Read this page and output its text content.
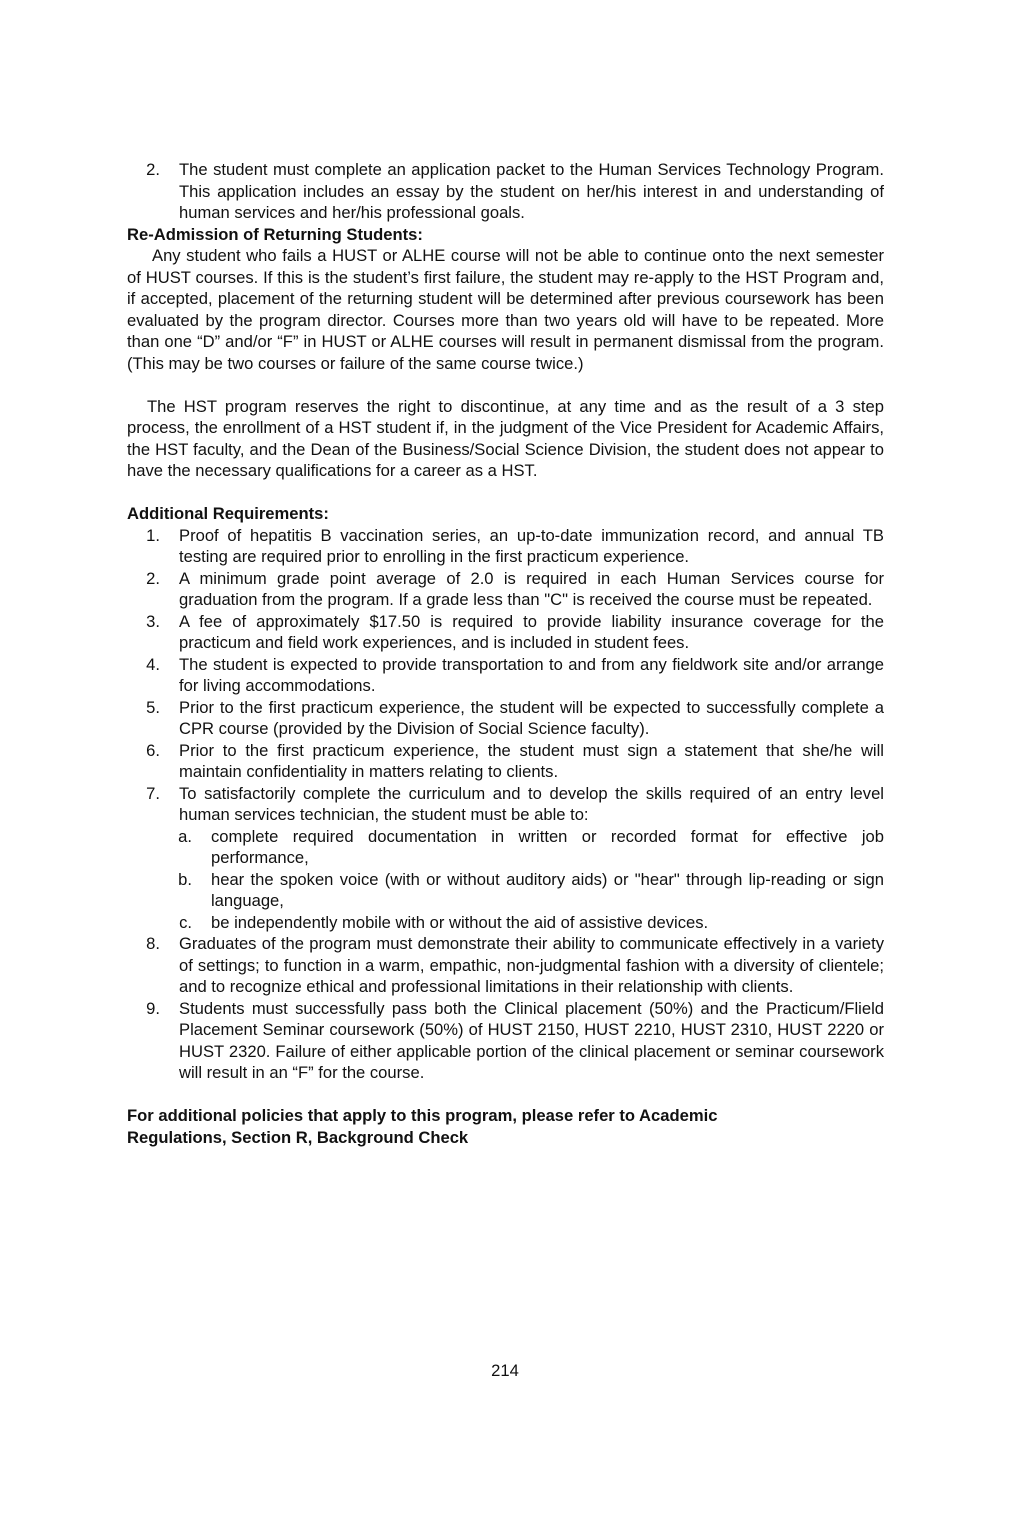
2.	The student must complete an application packet to the Human Services Technology Program. This application includes an essay by the student on her/his interest in and understanding of human services and her/his professional goals.

Re-Admission of Returning Students:

Any student who fails a HUST or ALHE course will not be able to continue onto the next semester of HUST courses. If this is the student’s first failure, the student may re-apply to the HST Program and, if accepted, placement of the returning student will be determined after previous coursework has been evaluated by the program director. Courses more than two years old will have to be repeated. More than one “D” and/or “F” in HUST or ALHE courses will result in permanent dismissal from the program. (This may be two courses or failure of the same course twice.)

The HST program reserves the right to discontinue, at any time and as the result of a 3 step process, the enrollment of a HST student if, in the judgment of the Vice President for Academic Affairs, the HST faculty, and the Dean of the Business/Social Science Division, the student does not appear to have the necessary qualifications for a career as a HST.

Additional Requirements:

1.	Proof of hepatitis B vaccination series, an up-to-date immunization record, and annual TB testing are required prior to enrolling in the first practicum experience.
2.	A minimum grade point average of 2.0 is required in each Human Services course for graduation from the program. If a grade less than "C" is received the course must be repeated.
3.	A fee of approximately $17.50 is required to provide liability insurance coverage for the practicum and field work experiences, and is included in student fees.
4.	The student is expected to provide transportation to and from any fieldwork site and/or arrange for living accommodations.
5.	Prior to the first practicum experience, the student will be expected to successfully complete a CPR course (provided by the Division of Social Science faculty).
6.	Prior to the first practicum experience, the student must sign a statement that she/he will maintain confidentiality in matters relating to clients.
7.	To satisfactorily complete the curriculum and to develop the skills required of an entry level human services technician, the student must be able to:
a.	complete required documentation in written or recorded format for effective job performance,
b.	hear the spoken voice (with or without auditory aids) or "hear" through lip-reading or sign language,
c.	be independently mobile with or without the aid of assistive devices.
8.	Graduates of the program must demonstrate their ability to communicate effectively in a variety of settings; to function in a warm, empathic, non-judgmental fashion with a diversity of clientele; and to recognize ethical and professional limitations in their relationship with clients.
9.	Students must successfully pass both the Clinical placement (50%) and the Practicum/Flield Placement Seminar coursework (50%) of HUST 2150, HUST 2210, HUST 2310, HUST 2220 or HUST 2320. Failure of either applicable portion of the clinical placement or seminar coursework will result in an “F” for the course.

For additional policies that apply to this program, please refer to Academic
Regulations, Section R, Background Check

214
